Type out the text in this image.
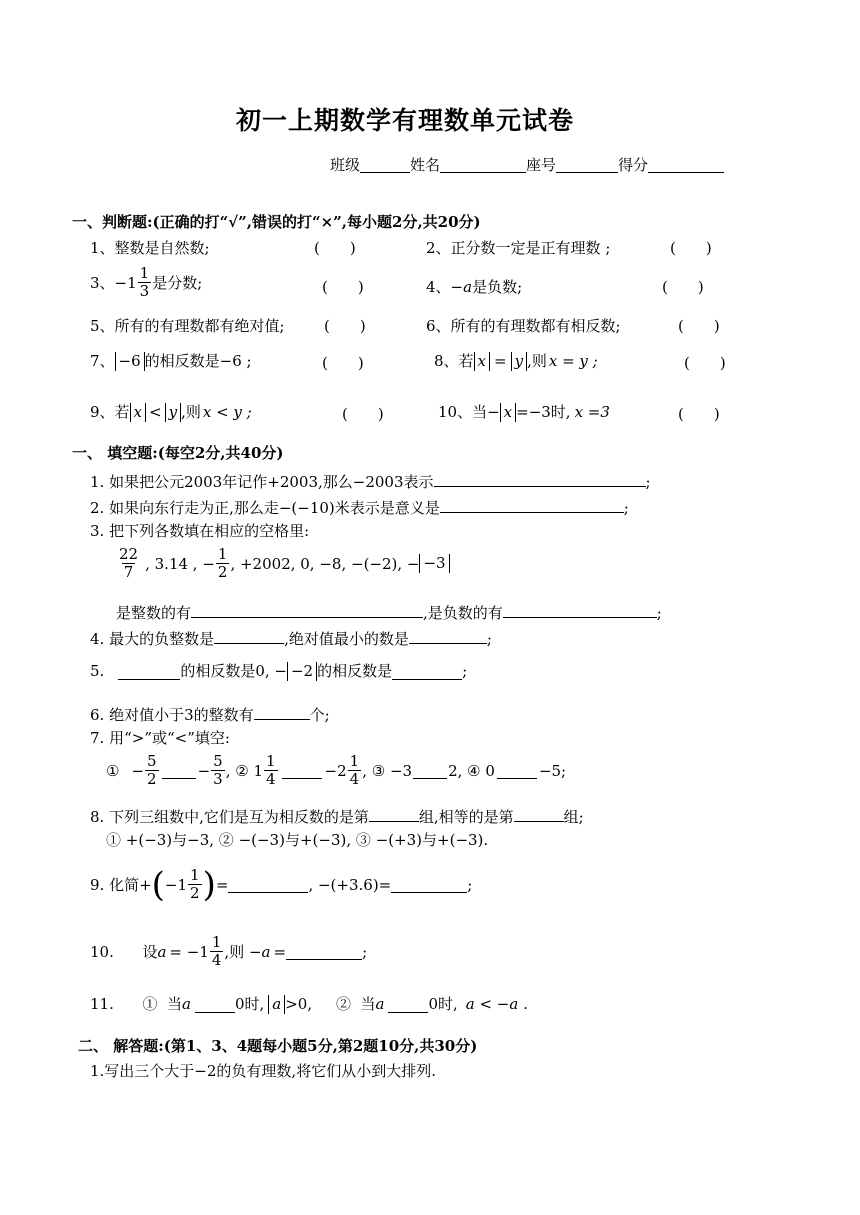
初一上期数学有理数单元试卷
班级	姓名	座号	得分
一、判断题:(正确的打“√”,错误的打“×”,每小题2分,共20分)
1、整数是自然数;	(　　)	2、正分数一定是正有理数 ;	(　　)
3、$-1 \frac{1}{3}$ 是分数;	(　　)	4、−a是负数;	(　　)
5、所有的有理数都有绝对值;	(　　)	6、所有的有理数都有相反数;	(　　)
7、 −6 的相反数是−6 ;	(　　)	8、若 x = y ,则 x = y ;	(　　)
9、若 x < y ,则 x < y ;	(　　)	10、当− x =−3时, x =3	(　　)
一、 填空题:(每空2分,共40分)
1. 如果把公元2003年记作+2003,那么−2003表示	;
2. 如果向东行走为正,那么走−(−10)米表示是意义是	;
3. 把下列各数填在相应的空格里:
$\frac{22}{7}$ , 3.14 , − $\frac{1}{2}$ , +2002, 0, −8, −(−2), − −3
是整数的有	,是负数的有	;
4. 最大的负整数是	,绝对值最小的数是	;
5.	的相反数是0, − −2 的相反数是	;
6. 绝对值小于3的整数有	个;
7. 用“>”或“<”填空:
① − $\frac{5}{2}$	− $\frac{5}{3}$ , ② $1 \frac{1}{4}$	$-2 \frac{1}{4}$ , ③ −3 2, ④ 0	−5;
8. 下列三组数中,它们是互为相反数的是第	组,相等的是第	组;
① +(−3)与−3, ② −(−3)与+(−3), ③ −(+3)与+(−3).
9. 化简+ ( $-1 \frac{1}{2}$ ) =	, −(+3.6)=	;
10.      设 $a = -1 \frac{1}{4}$ ,则 − a =	;
11.      ①  当 a	0时, a >0,     ②  当 a	0时, a < −a .
二、 解答题:(第1、3、4题每小题5分,第2题10分,共30分)
1.写出三个大于−2的负有理数,将它们从小到大排列.
